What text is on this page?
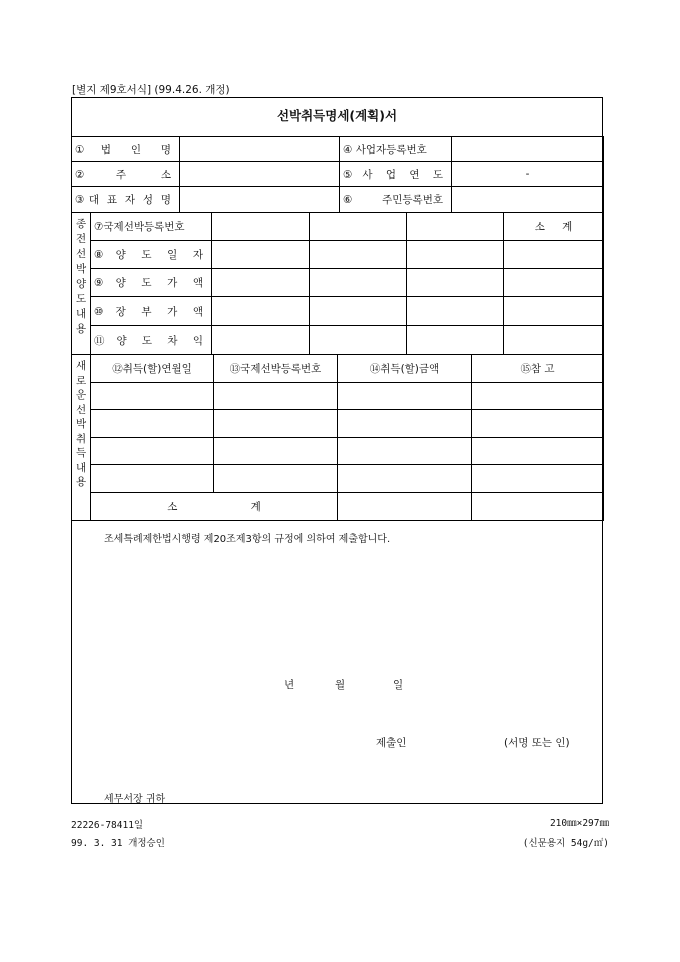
[별지 제9호서식] (99.4.26. 개정)
선박취득명세(계획)서
①법 인 명		④ 사업자등록번호	
②주 소		⑤사 업 연 도	-
③대 표 자 성 명		⑥주민등록번호	
종전선박양도내용	⑦국제선박등록번호				소 계
	⑧양 도 일 자				
	⑨양 도 가 액				
	⑩장 부 가 액				
	⑪양 도 차 익				
새로운선박취득내용	⑫취득(할)연월일	⑬국제선박등록번호	⑭취득(할)금액	⑮참 고

	소 계			
조세특례제한법시행령 제20조제3항의 규정에 의하여 제출합니다.
년	월	일
제출인	(서명 또는 인)
세무서장 귀하
22226-78411일
99. 3. 31 개정승인
210㎜×297㎜
(신문용지 54g/㎡)
